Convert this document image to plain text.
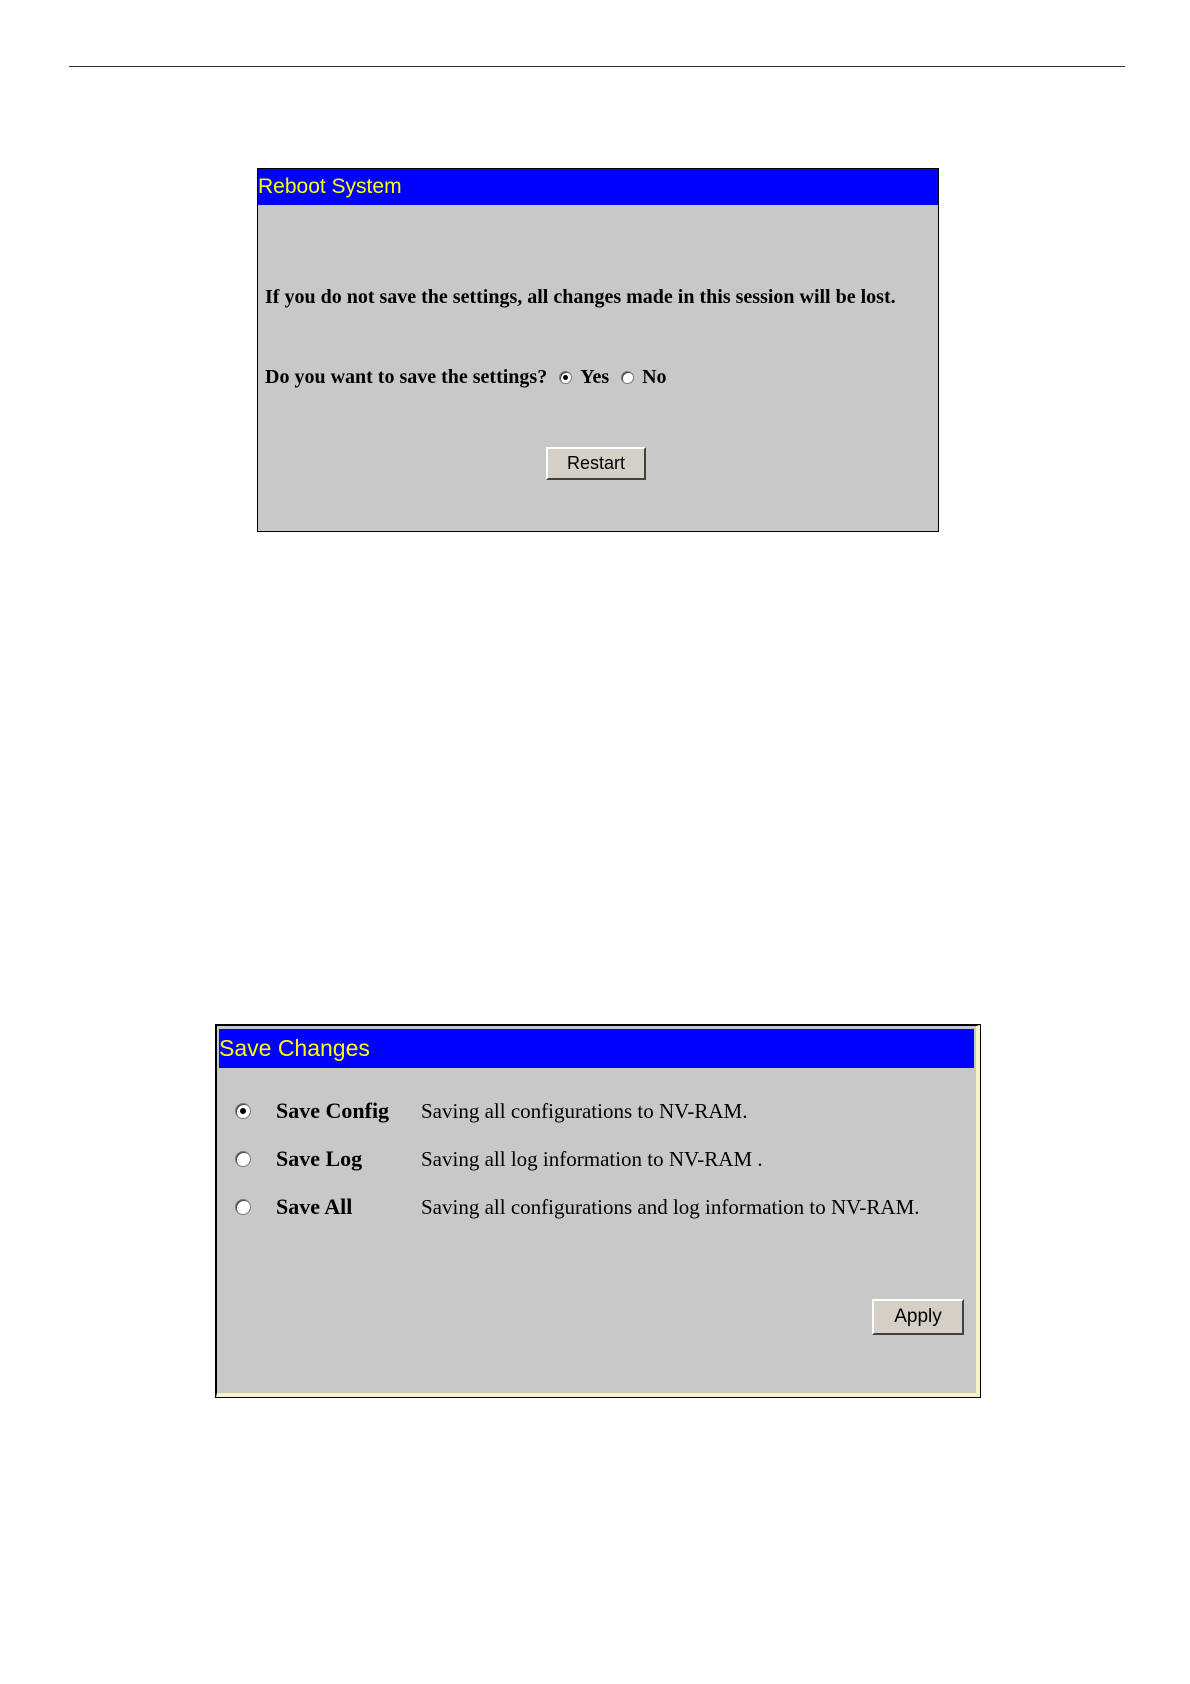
Reboot System
If you do not save the settings, all changes made in this session will be lost.
Do you want to save the settings? Yes No
Restart
Save Changes
Save Config	Saving all configurations to NV-RAM.
Save Log	Saving all log information to NV-RAM .
Save All	Saving all configurations and log information to NV-RAM.
Apply
